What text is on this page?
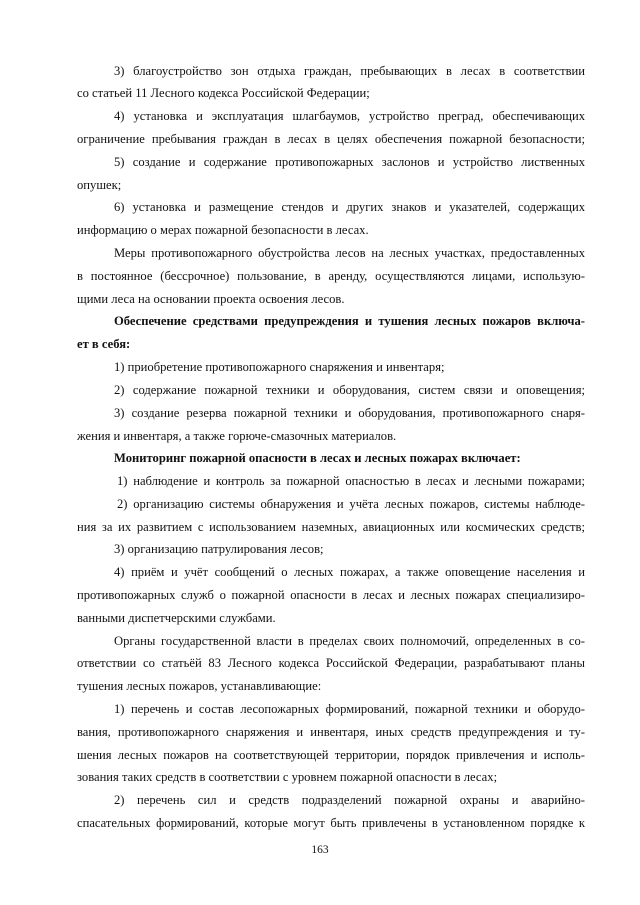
3) благоустройство зон отдыха граждан, пребывающих в лесах в соответствии
со статьей 11 Лесного кодекса Российской Федерации;
4) установка и эксплуатация шлагбаумов, устройство преград, обеспечивающих
ограничение пребывания граждан в лесах в целях обеспечения пожарной безопасности;
5) создание и содержание противопожарных заслонов и устройство лиственных
опушек;
6) установка и размещение стендов и других знаков и указателей, содержащих
информацию о мерах пожарной безопасности в лесах.
Меры противопожарного обустройства лесов на лесных участках, предоставленных
в постоянное (бессрочное) пользование, в аренду, осуществляются лицами, использую-
щими леса на основании проекта освоения лесов.
Обеспечение средствами предупреждения и тушения лесных пожаров включа-
ет в себя:
1) приобретение противопожарного снаряжения и инвентаря;
2) содержание пожарной техники и оборудования, систем связи и оповещения;
3) создание резерва пожарной техники и оборудования, противопожарного снаря-
жения и инвентаря, а также горюче-смазочных материалов.
Мониторинг пожарной опасности в лесах и лесных пожарах включает:
1) наблюдение и контроль за пожарной опасностью в лесах и лесными пожарами;
2) организацию системы обнаружения и учёта лесных пожаров, системы наблюде-
ния за их развитием с использованием наземных, авиационных или космических средств;
3) организацию патрулирования лесов;
4) приём и учёт сообщений о лесных пожарах, а также оповещение населения и
противопожарных служб о пожарной опасности в лесах и лесных пожарах специализиро-
ванными диспетчерскими службами.
Органы государственной власти в пределах своих полномочий, определенных в со-
ответствии со статьёй 83 Лесного кодекса Российской Федерации, разрабатывают планы
тушения лесных пожаров, устанавливающие:
1) перечень и состав лесопожарных формирований, пожарной техники и оборудо-
вания, противопожарного снаряжения и инвентаря, иных средств предупреждения и ту-
шения лесных пожаров на соответствующей территории, порядок привлечения и исполь-
зования таких средств в соответствии с уровнем пожарной опасности в лесах;
2) перечень сил и средств подразделений пожарной охраны и аварийно-
спасательных формирований, которые могут быть привлечены в установленном порядке к
163
